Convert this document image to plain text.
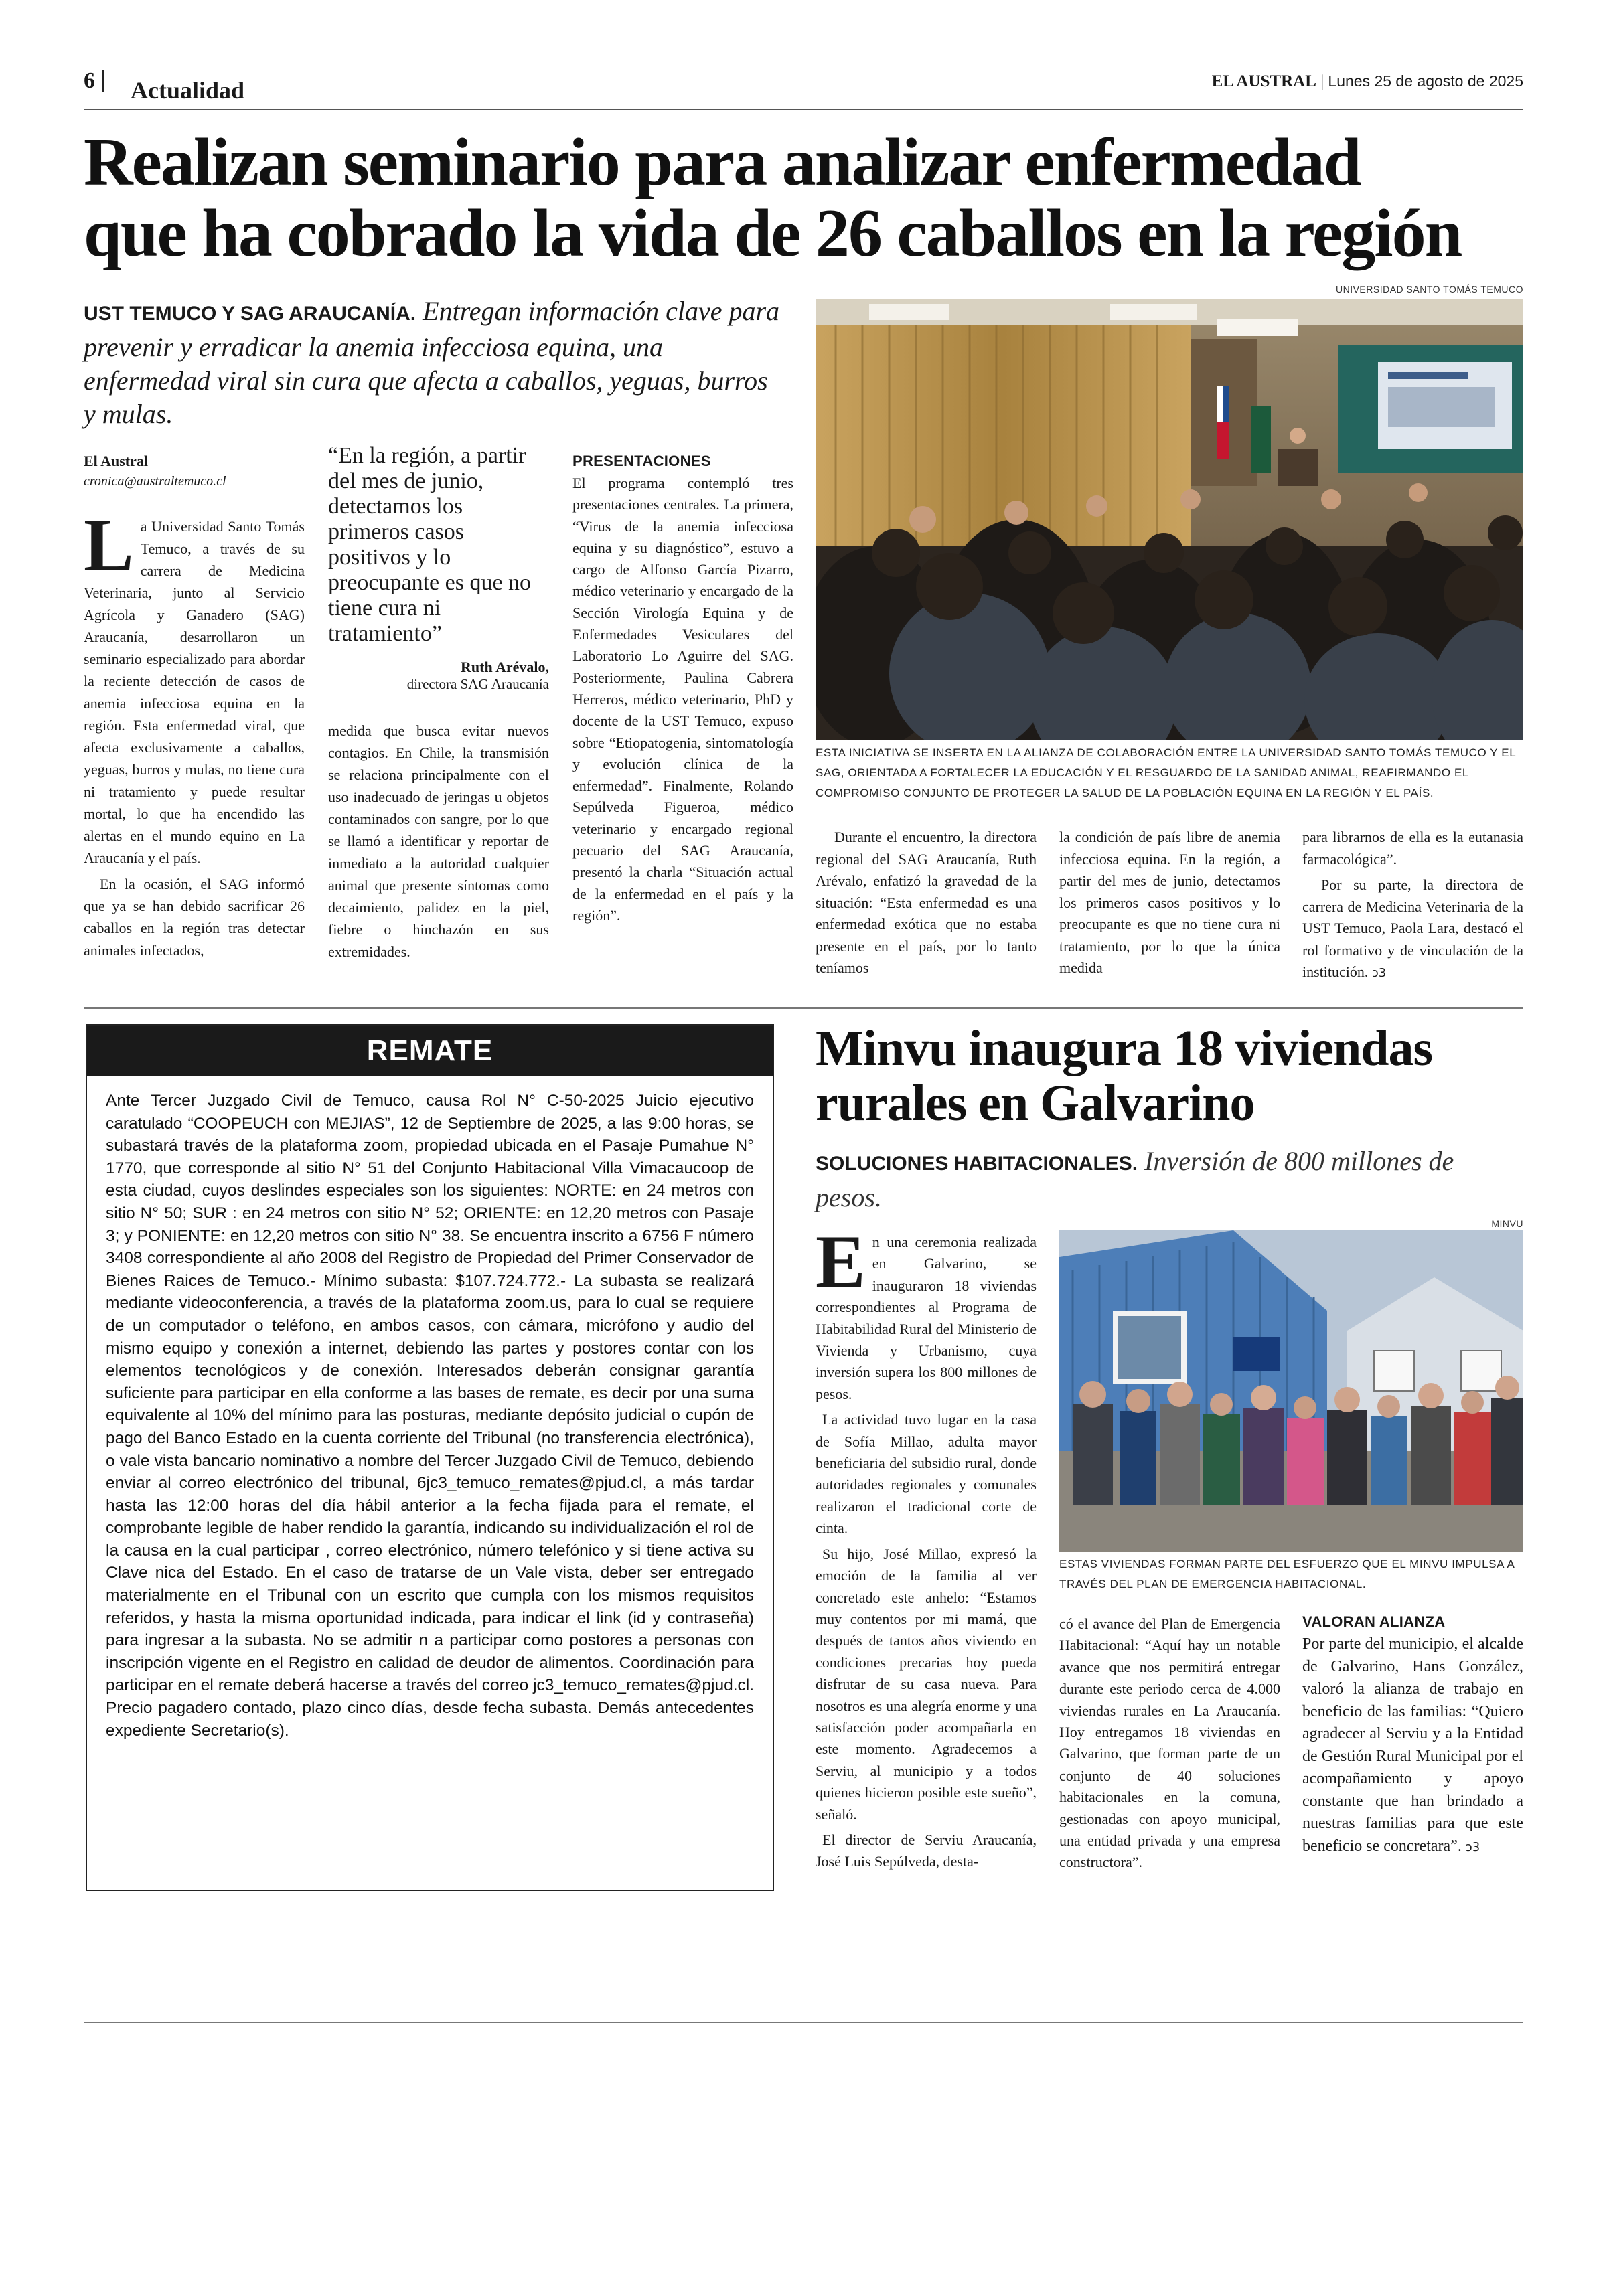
6 Actualidad	EL AUSTRAL | Lunes 25 de agosto de 2025
Realizan seminario para analizar enfermedad
que ha cobrado la vida de 26 caballos en la región
UST TEMUCO Y SAG ARAUCANÍA. Entregan información clave para prevenir y erradicar la anemia infecciosa equina, una enfermedad viral sin cura que afecta a caballos, yeguas, burros y mulas.
UNIVERSIDAD SANTO TOMÁS TEMUCO
ESTA INICIATIVA SE INSERTA EN LA ALIANZA DE COLABORACIÓN ENTRE LA UNIVERSIDAD SANTO TOMÁS TEMUCO Y EL SAG, ORIENTADA A FORTALECER LA EDUCACIÓN Y EL RESGUARDO DE LA SANIDAD ANIMAL, REAFIRMANDO EL COMPROMISO CONJUNTO DE PROTEGER LA SALUD DE LA POBLACIÓN EQUINA EN LA REGIÓN Y EL PAÍS.
El Austral
cronica@australtemuco.cl

La Universidad Santo Tomás Temuco, a través de su carrera de Medicina Veterinaria, junto al Servicio Agrícola y Ganadero (SAG) Araucanía, desarrollaron un seminario especializado para abordar la reciente detección de casos de anemia infecciosa equina en la región. Esta enfermedad viral, que afecta exclusivamente a caballos, yeguas, burros y mulas, no tiene cura ni tratamiento y puede resultar mortal, lo que ha encendido las alertas en el mundo equino en La Araucanía y el país.

En la ocasión, el SAG informó que ya se han debido sacrificar 26 caballos en la región tras detectar animales infectados,

“En la región, a partir del mes de junio, detectamos los primeros casos positivos y lo preocupante es que no tiene cura ni tratamiento”
Ruth Arévalo,
directora SAG Araucanía

medida que busca evitar nuevos contagios. En Chile, la transmisión se relaciona principalmente con el uso inadecuado de jeringas u objetos contaminados con sangre, por lo que se llamó a identificar y reportar de inmediato a la autoridad cualquier animal que presente síntomas como decaimiento, palidez en la piel, fiebre o hinchazón en sus extremidades.

PRESENTACIONES

El programa contempló tres presentaciones centrales. La primera, “Virus de la anemia infecciosa equina y su diagnóstico”, estuvo a cargo de Alfonso García Pizarro, médico veterinario y encargado de la Sección Virología Equina y de Enfermedades Vesiculares del Laboratorio Lo Aguirre del SAG. Posteriormente, Paulina Cabrera Herreros, médico veterinario, PhD y docente de la UST Temuco, expuso sobre “Etiopatogenia, sintomatología y evolución clínica de la enfermedad”. Finalmente, Rolando Sepúlveda Figueroa, médico veterinario y encargado regional pecuario del SAG Araucanía, presentó la charla “Situación actual de la enfermedad en el país y la región”.

Durante el encuentro, la directora regional del SAG Araucanía, Ruth Arévalo, enfatizó la gravedad de la situación: “Esta enfermedad es una enfermedad exótica que no estaba presente en el país, por lo tanto teníamos

la condición de país libre de anemia infecciosa equina. En la región, a partir del mes de junio, detectamos los primeros casos positivos y lo preocupante es que no tiene cura ni tratamiento, por lo que la única medida

para librarnos de ella es la eutanasia farmacológica”.

Por su parte, la directora de carrera de Medicina Veterinaria de la UST Temuco, Paola Lara, destacó el rol formativo y de vinculación de la institución. ↄ3

REMATE
Ante Tercer Juzgado Civil de Temuco, causa Rol N° C-50-2025 Juicio ejecutivo caratulado “COOPEUCH con MEJIAS”, 12 de Septiembre de 2025, a las 9:00 horas, se subastará través de la plataforma zoom, propiedad ubicada en el Pasaje Pumahue N° 1770, que corresponde al sitio N° 51 del Conjunto Habitacional Villa Vimacaucoop de esta ciudad, cuyos deslindes especiales son los siguientes: NORTE: en 24 metros con sitio N° 50; SUR : en 24 metros con sitio N° 52; ORIENTE: en 12,20 metros con Pasaje 3; y PONIENTE: en 12,20 metros con sitio N° 38. Se encuentra inscrito a 6756 F número 3408 correspondiente al año 2008 del Registro de Propiedad del Primer Conservador de Bienes Raices de Temuco.- Mínimo subasta: $107.724.772.- La subasta se realizará mediante videoconferencia, a través de la plataforma zoom.us, para lo cual se requiere de un computador o teléfono, en ambos casos, con cámara, micrófono y audio del mismo equipo y conexión a internet, debiendo las partes y postores contar con los elementos tecnológicos y de conexión. Interesados deberán consignar garantía suficiente para participar en ella conforme a las bases de remate, es decir por una suma equivalente al 10% del mínimo para las posturas, mediante depósito judicial o cupón de pago del Banco Estado en la cuenta corriente del Tribunal (no transferencia electrónica), o vale vista bancario nominativo a nombre del Tercer Juzgado Civil de Temuco, debiendo enviar al correo electrónico del tribunal, 6jc3_temuco_remates@pjud.cl, a más tardar hasta las 12:00 horas del día hábil anterior a la fecha fijada para el remate, el comprobante legible de haber rendido la garantía, indicando su individualización el rol de la causa en la cual participar , correo electrónico, número telefónico y si tiene activa su Clave nica del Estado. En el caso de tratarse de un Vale vista, deber ser entregado materialmente en el Tribunal con un escrito que cumpla con los mismos requisitos referidos, y hasta la misma oportunidad indicada, para indicar el link (id y contraseña) para ingresar a la subasta. No se admitir n a participar como postores a personas con inscripción vigente en el Registro en calidad de deudor de alimentos. Coordinación para participar en el remate deberá hacerse a través del correo jc3_temuco_remates@pjud.cl. Precio pagadero contado, plazo cinco días, desde fecha subasta. Demás antecedentes expediente Secretario(s).
Minvu inaugura 18 viviendas
rurales en Galvarino
SOLUCIONES HABITACIONALES. Inversión de 800 millones de pesos.
MINVU
ESTAS VIVIENDAS FORMAN PARTE DEL ESFUERZO QUE EL MINVU IMPULSA A TRAVÉS DEL PLAN DE EMERGENCIA HABITACIONAL.

En una ceremonia realizada en Galvarino, se inauguraron 18 viviendas correspondientes al Programa de Habitabilidad Rural del Ministerio de Vivienda y Urbanismo, cuya inversión supera los 800 millones de pesos.

La actividad tuvo lugar en la casa de Sofía Millao, adulta mayor beneficiaria del subsidio rural, donde autoridades regionales y comunales realizaron el tradicional corte de cinta.

Su hijo, José Millao, expresó la emoción de la familia al ver concretado este anhelo: “Estamos muy contentos por mi mamá, que después de tantos años viviendo en condiciones precarias hoy pueda disfrutar de su casa nueva. Para nosotros es una alegría enorme y una satisfacción poder acompañarla en este momento. Agradecemos a Serviu, al municipio y a todos quienes hicieron posible este sueño”, señaló.

El director de Serviu Araucanía, José Luis Sepúlveda, desta-

có el avance del Plan de Emergencia Habitacional: “Aquí hay un notable avance que nos permitirá entregar durante este periodo cerca de 4.000 viviendas rurales en La Araucanía. Hoy entregamos 18 viviendas en Galvarino, que forman parte de un conjunto de 40 soluciones habitacionales en la comuna, gestionadas con apoyo municipal, una entidad privada y una empresa constructora”.

VALORAN ALIANZA

Por parte del municipio, el alcalde de Galvarino, Hans González, valoró la alianza de trabajo en beneficio de las familias: “Quiero agradecer al Serviu y a la Entidad de Gestión Rural Municipal por el acompañamiento y apoyo constante que han brindado a nuestras familias para que este beneficio se concretara”. ↄ3
